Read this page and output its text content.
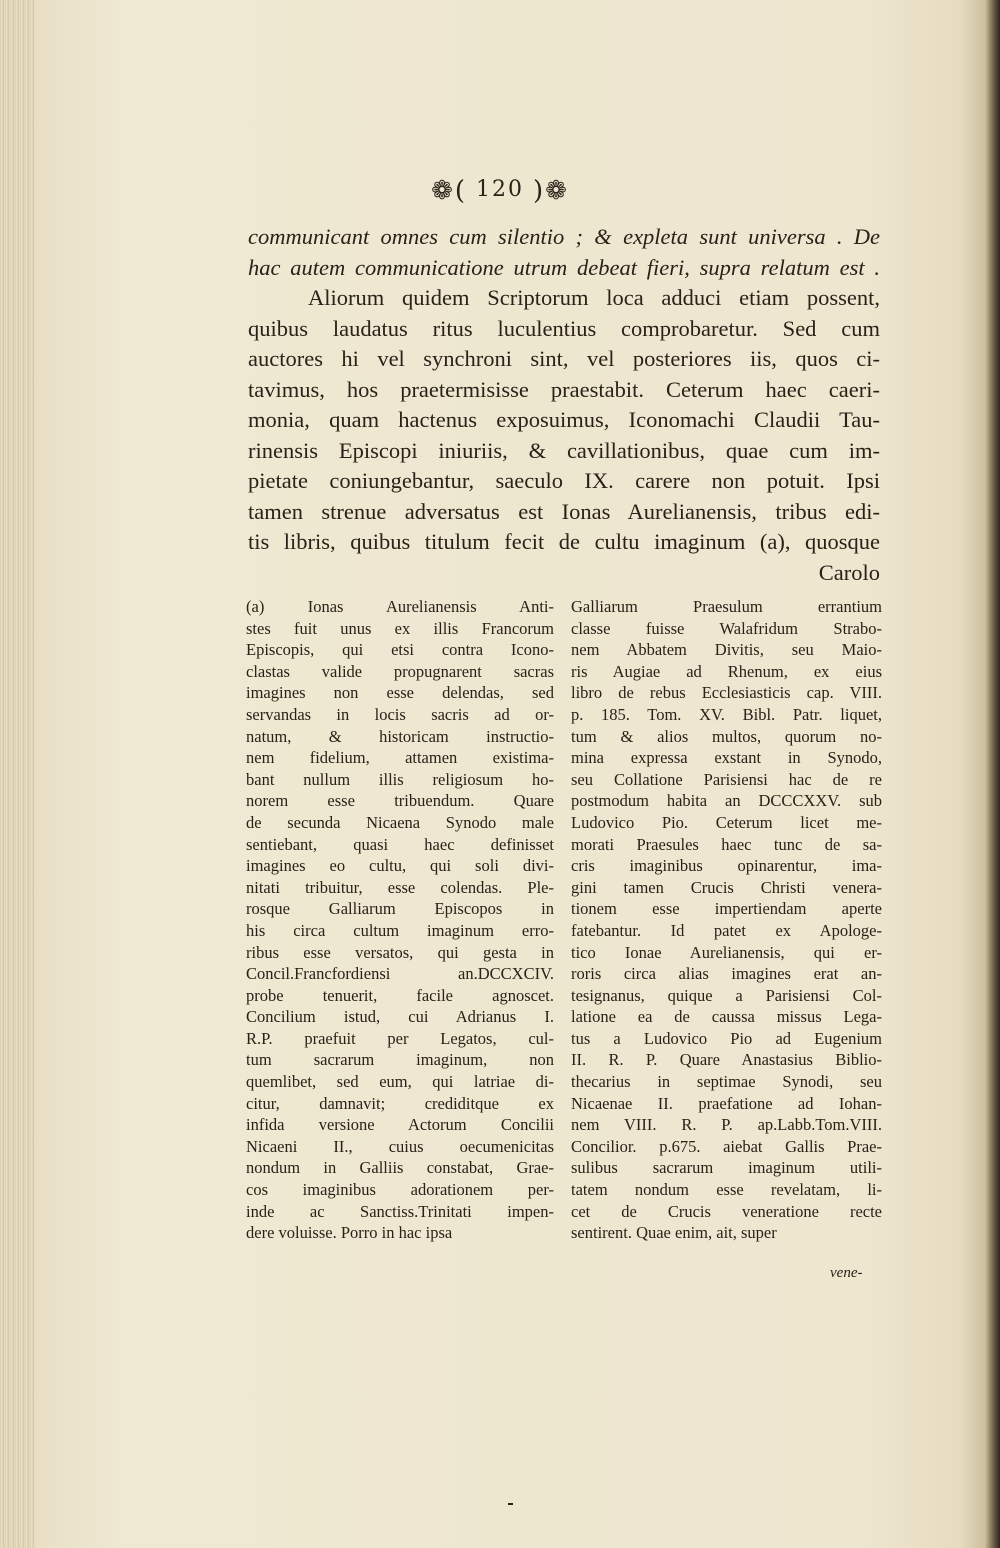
❁( 120 )❁
communicant omnes cum silentio ; & expleta sunt universa . De
hac autem communicatione utrum debeat fieri, supra relatum est .
Aliorum quidem Scriptorum loca adduci etiam possent,
quibus laudatus ritus luculentius comprobaretur. Sed cum
auctores hi vel synchroni sint, vel posteriores iis, quos ci-
tavimus, hos praetermisisse praestabit. Ceterum haec caeri-
monia, quam hactenus exposuimus, Iconomachi Claudii Tau-
rinensis Episcopi iniuriis, & cavillationibus, quae cum im-
pietate coniungebantur, saeculo IX. carere non potuit. Ipsi
tamen strenue adversatus est Ionas Aurelianensis, tribus edi-
tis libris, quibus titulum fecit de cultu imaginum (a), quosque
Carolo
(a) Ionas Aurelianensis Anti-
stes fuit unus ex illis Francorum
Episcopis, qui etsi contra Icono-
clastas valide propugnarent sacras
imagines non esse delendas, sed
servandas in locis sacris ad or-
natum, & historicam instructio-
nem fidelium, attamen existima-
bant nullum illis religiosum ho-
norem esse tribuendum. Quare
de secunda Nicaena Synodo male
sentiebant, quasi haec definisset
imagines eo cultu, qui soli divi-
nitati tribuitur, esse colendas. Ple-
rosque Galliarum Episcopos in
his circa cultum imaginum erro-
ribus esse versatos, qui gesta in
Concil.Francfordiensi an.DCCXCIV.
probe tenuerit, facile agnoscet.
Concilium istud, cui Adrianus I.
R.P. praefuit per Legatos, cul-
tum sacrarum imaginum, non
quemlibet, sed eum, qui latriae di-
citur, damnavit; crediditque ex
infida versione Actorum Concilii
Nicaeni II., cuius oecumenicitas
nondum in Galliis constabat, Grae-
cos imaginibus adorationem per-
inde ac Sanctiss.Trinitati impen-
dere voluisse. Porro in hac ipsa
Galliarum Praesulum errantium
classe fuisse Walafridum Strabo-
nem Abbatem Divitis, seu Maio-
ris Augiae ad Rhenum, ex eius
libro de rebus Ecclesiasticis cap. VIII.
p. 185. Tom. XV. Bibl. Patr. liquet,
tum & alios multos, quorum no-
mina expressa exstant in Synodo,
seu Collatione Parisiensi hac de re
postmodum habita an DCCCXXV. sub
Ludovico Pio. Ceterum licet me-
morati Praesules haec tunc de sa-
cris imaginibus opinarentur, ima-
gini tamen Crucis Christi venera-
tionem esse impertiendam aperte
fatebantur. Id patet ex Apologe-
tico Ionae Aurelianensis, qui er-
roris circa alias imagines erat an-
tesignanus, quique a Parisiensi Col-
latione ea de caussa missus Lega-
tus a Ludovico Pio ad Eugenium
II. R. P. Quare Anastasius Biblio-
thecarius in septimae Synodi, seu
Nicaenae II. praefatione ad Iohan-
nem VIII. R. P. ap.Labb.Tom.VIII.
Concilior. p.675. aiebat Gallis Prae-
sulibus sacrarum imaginum utili-
tatem nondum esse revelatam, li-
cet de Crucis veneratione recte
sentirent. Quae enim, ait, super
vene-
